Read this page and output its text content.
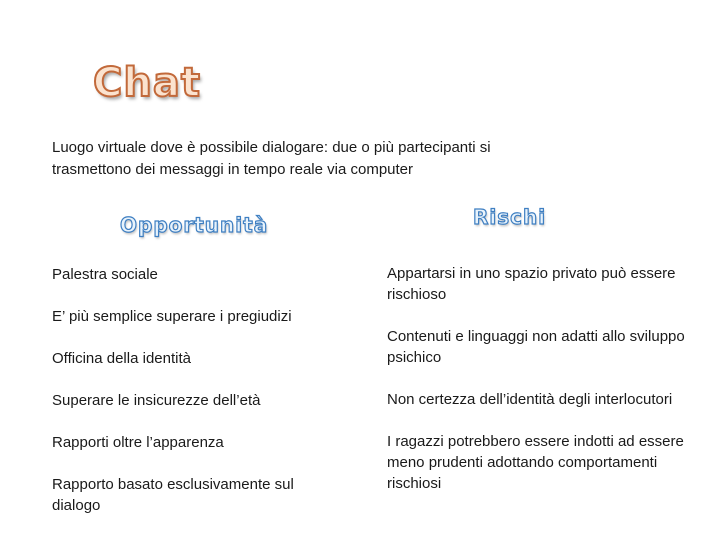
Chat
Luogo virtuale dove è possibile dialogare: due o più partecipanti si trasmettono dei messaggi in tempo reale via computer
Opportunità	Rischi

Palestra sociale

E’ più semplice superare i pregiudizi

Officina della identità

Superare le insicurezze dell’età

Rapporti oltre l’apparenza

Rapporto basato esclusivamente sul dialogo

Appartarsi in uno spazio privato può essere rischioso

Contenuti e linguaggi non adatti allo sviluppo psichico

Non certezza dell’identità degli interlocutori

I ragazzi potrebbero essere indotti ad essere meno prudenti adottando comportamenti rischiosi
